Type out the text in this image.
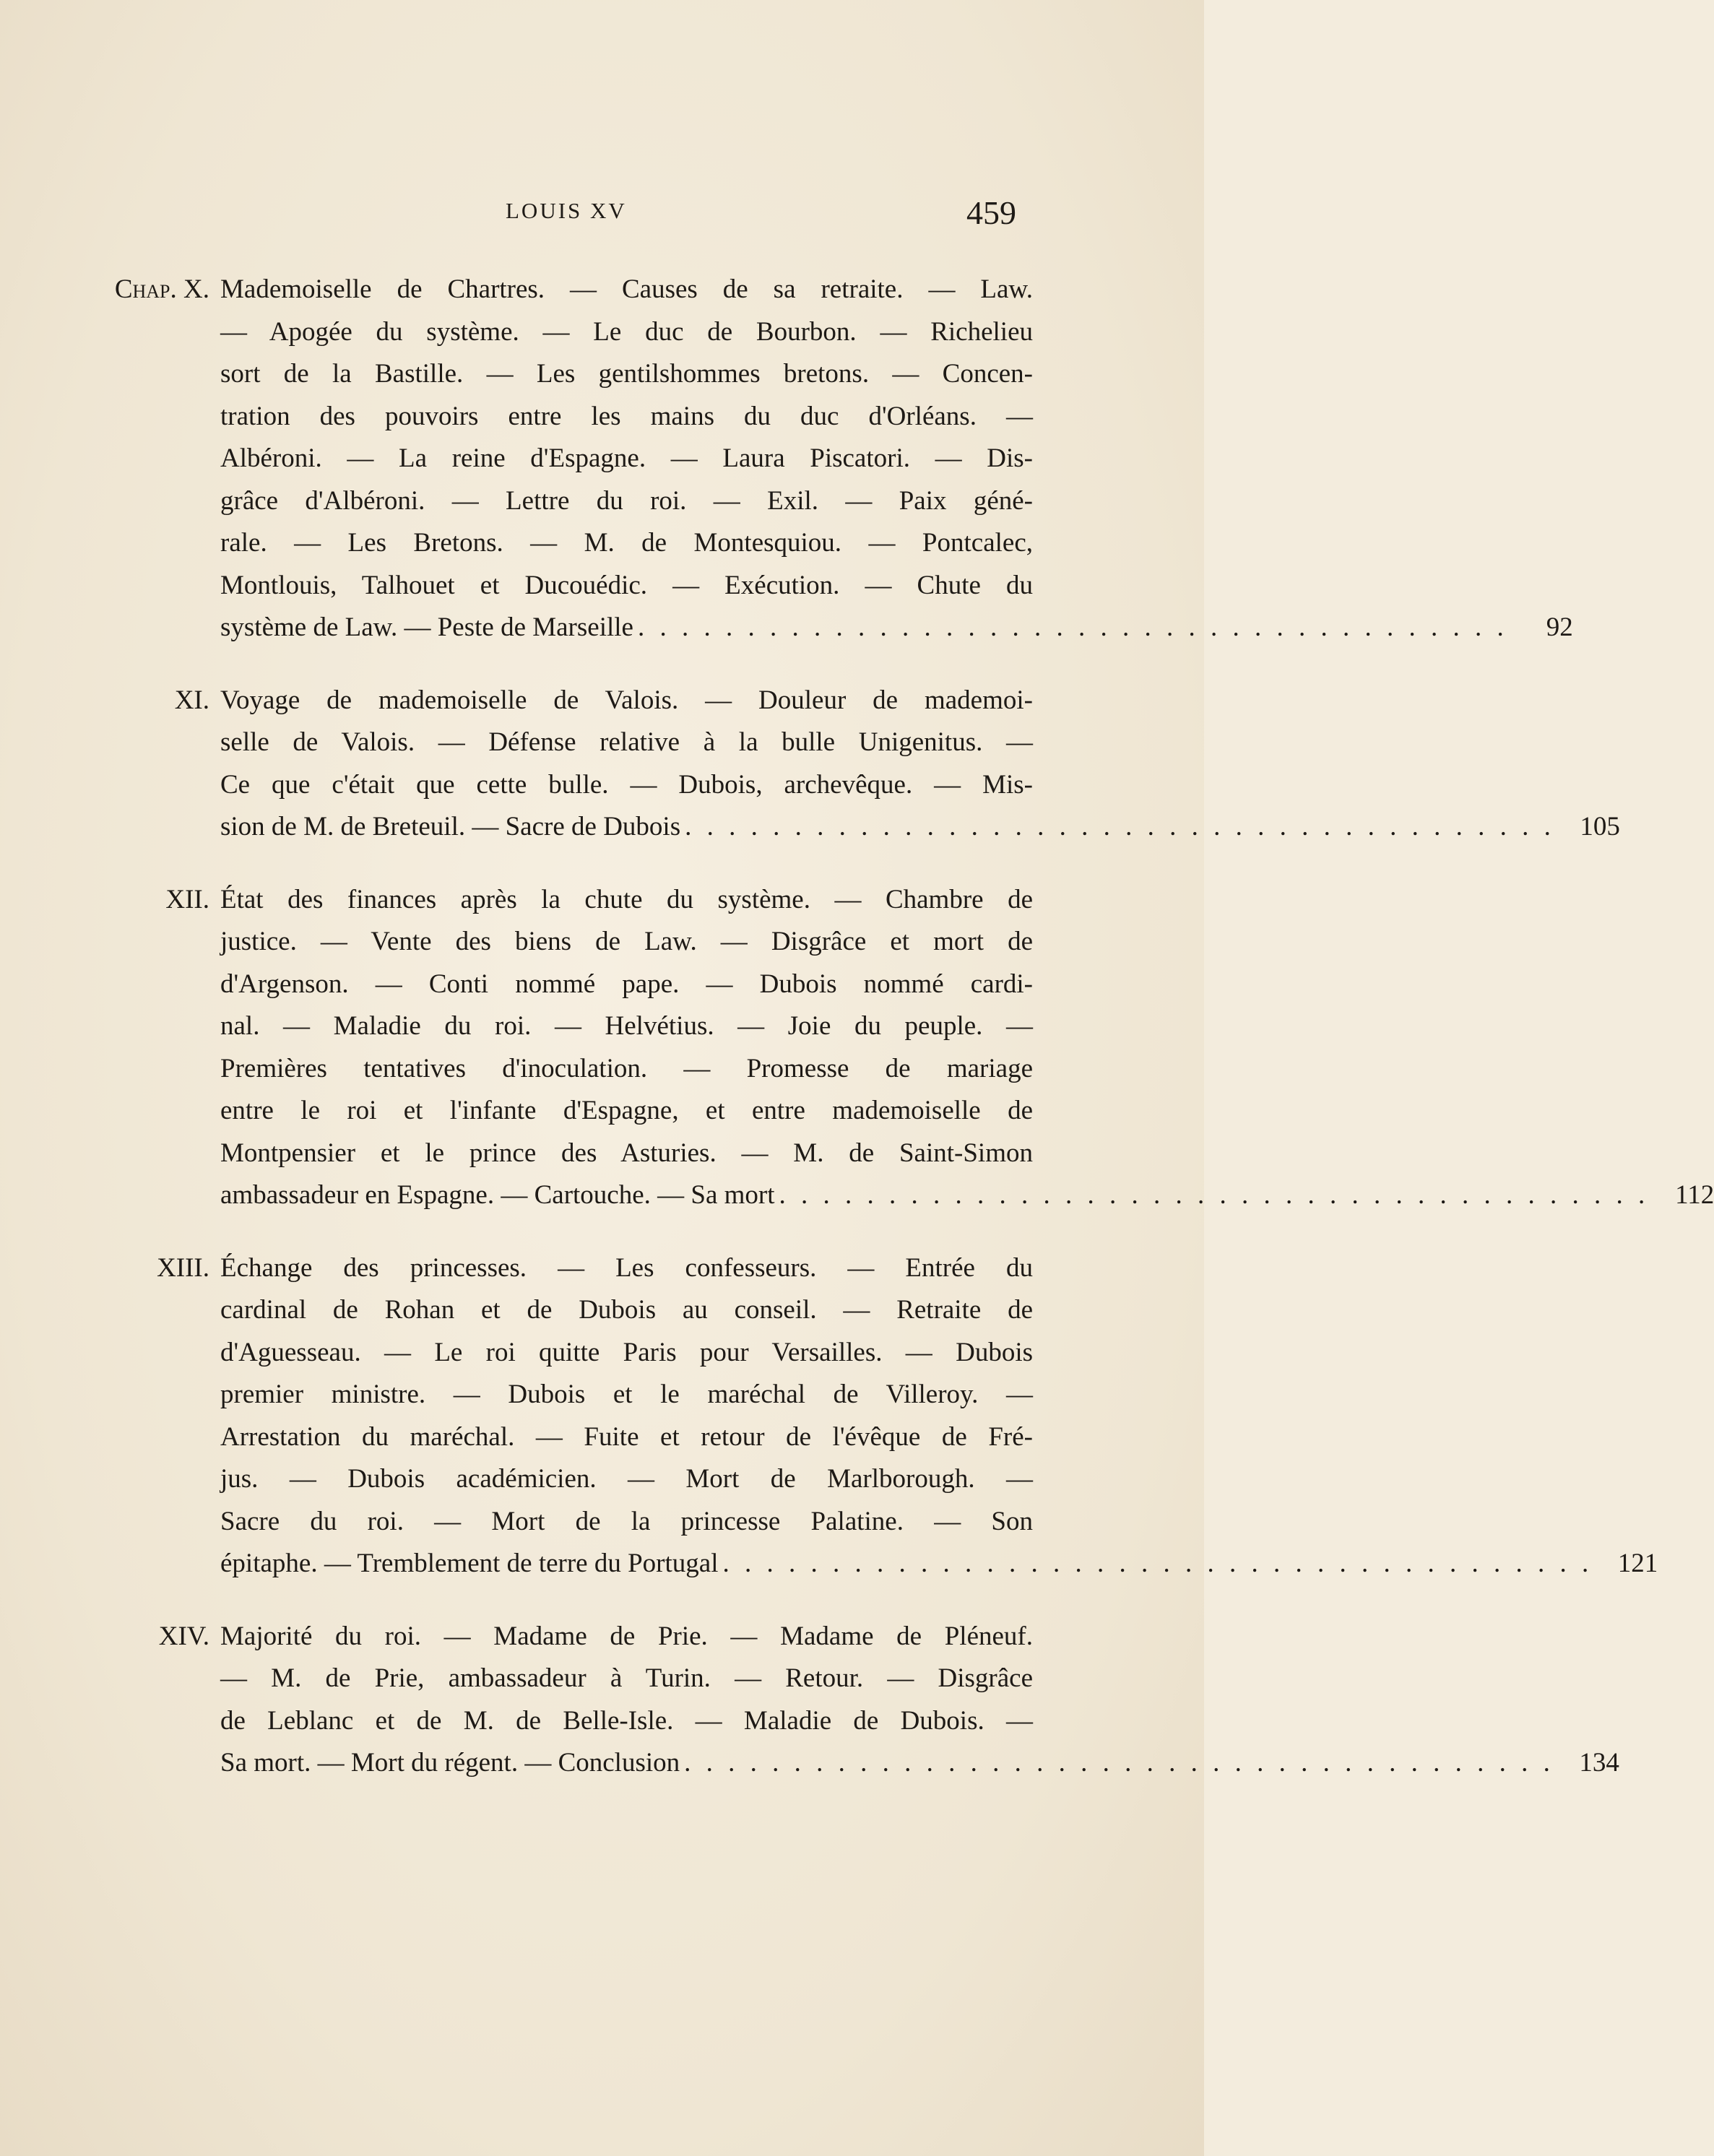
LOUIS XV	459
Chap. X. Mademoiselle de Chartres. — Causes de sa retraite. — Law.
— Apogée du système. — Le duc de Bourbon. — Richelieu
sort de la Bastille. — Les gentilshommes bretons. — Concen-
tration des pouvoirs entre les mains du duc d'Orléans. —
Albéroni. — La reine d'Espagne. — Laura Piscatori. — Dis-
grâce d'Albéroni. — Lettre du roi. — Exil. — Paix géné-
rale. — Les Bretons. — M. de Montesquiou. — Pontcalec,
Montlouis, Talhouet et Ducouédic. — Exécution. — Chute du
système de Law. — Peste de Marseille . . . . . . . . . . . . . . . . . . . . . . . . . . . . . . . . . . . . . . . .	92
XI. Voyage de mademoiselle de Valois. — Douleur de mademoi-
selle de Valois. — Défense relative à la bulle Unigenitus. —
Ce que c'était que cette bulle. — Dubois, archevêque. — Mis-
sion de M. de Breteuil. — Sacre de Dubois . . . . . . . . . . . . . . . . . . . . . . . . . . . . . . . . . . . . . . . . 105
XII. État des finances après la chute du système. — Chambre de
justice. — Vente des biens de Law. — Disgrâce et mort de
d'Argenson. — Conti nommé pape. — Dubois nommé cardi-
nal. — Maladie du roi. — Helvétius. — Joie du peuple. —
Premières tentatives d'inoculation. — Promesse de mariage
entre le roi et l'infante d'Espagne, et entre mademoiselle de
Montpensier et le prince des Asturies. — M. de Saint-Simon
ambassadeur en Espagne. — Cartouche. — Sa mort . . . . . . . . . . . . . . . . . . . . . . . . . . . . . . . . . . . . . . . . 112
XIII. Échange des princesses. — Les confesseurs. — Entrée du
cardinal de Rohan et de Dubois au conseil. — Retraite de
d'Aguesseau. — Le roi quitte Paris pour Versailles. — Dubois
premier ministre. — Dubois et le maréchal de Villeroy. —
Arrestation du maréchal. — Fuite et retour de l'évêque de Fré-
jus. — Dubois académicien. — Mort de Marlborough. —
Sacre du roi. — Mort de la princesse Palatine. — Son
épitaphe. — Tremblement de terre du Portugal . . . . . . . . . . . . . . . . . . . . . . . . . . . . . . . . . . . . . . . . 121
XIV. Majorité du roi. — Madame de Prie. — Madame de Pléneuf.
— M. de Prie, ambassadeur à Turin. — Retour. — Disgrâce
de Leblanc et de M. de Belle-Isle. — Maladie de Dubois. —
Sa mort. — Mort du régent. — Conclusion . . . . . . . . . . . . . . . . . . . . . . . . . . . . . . . . . . . . . . . . 134
